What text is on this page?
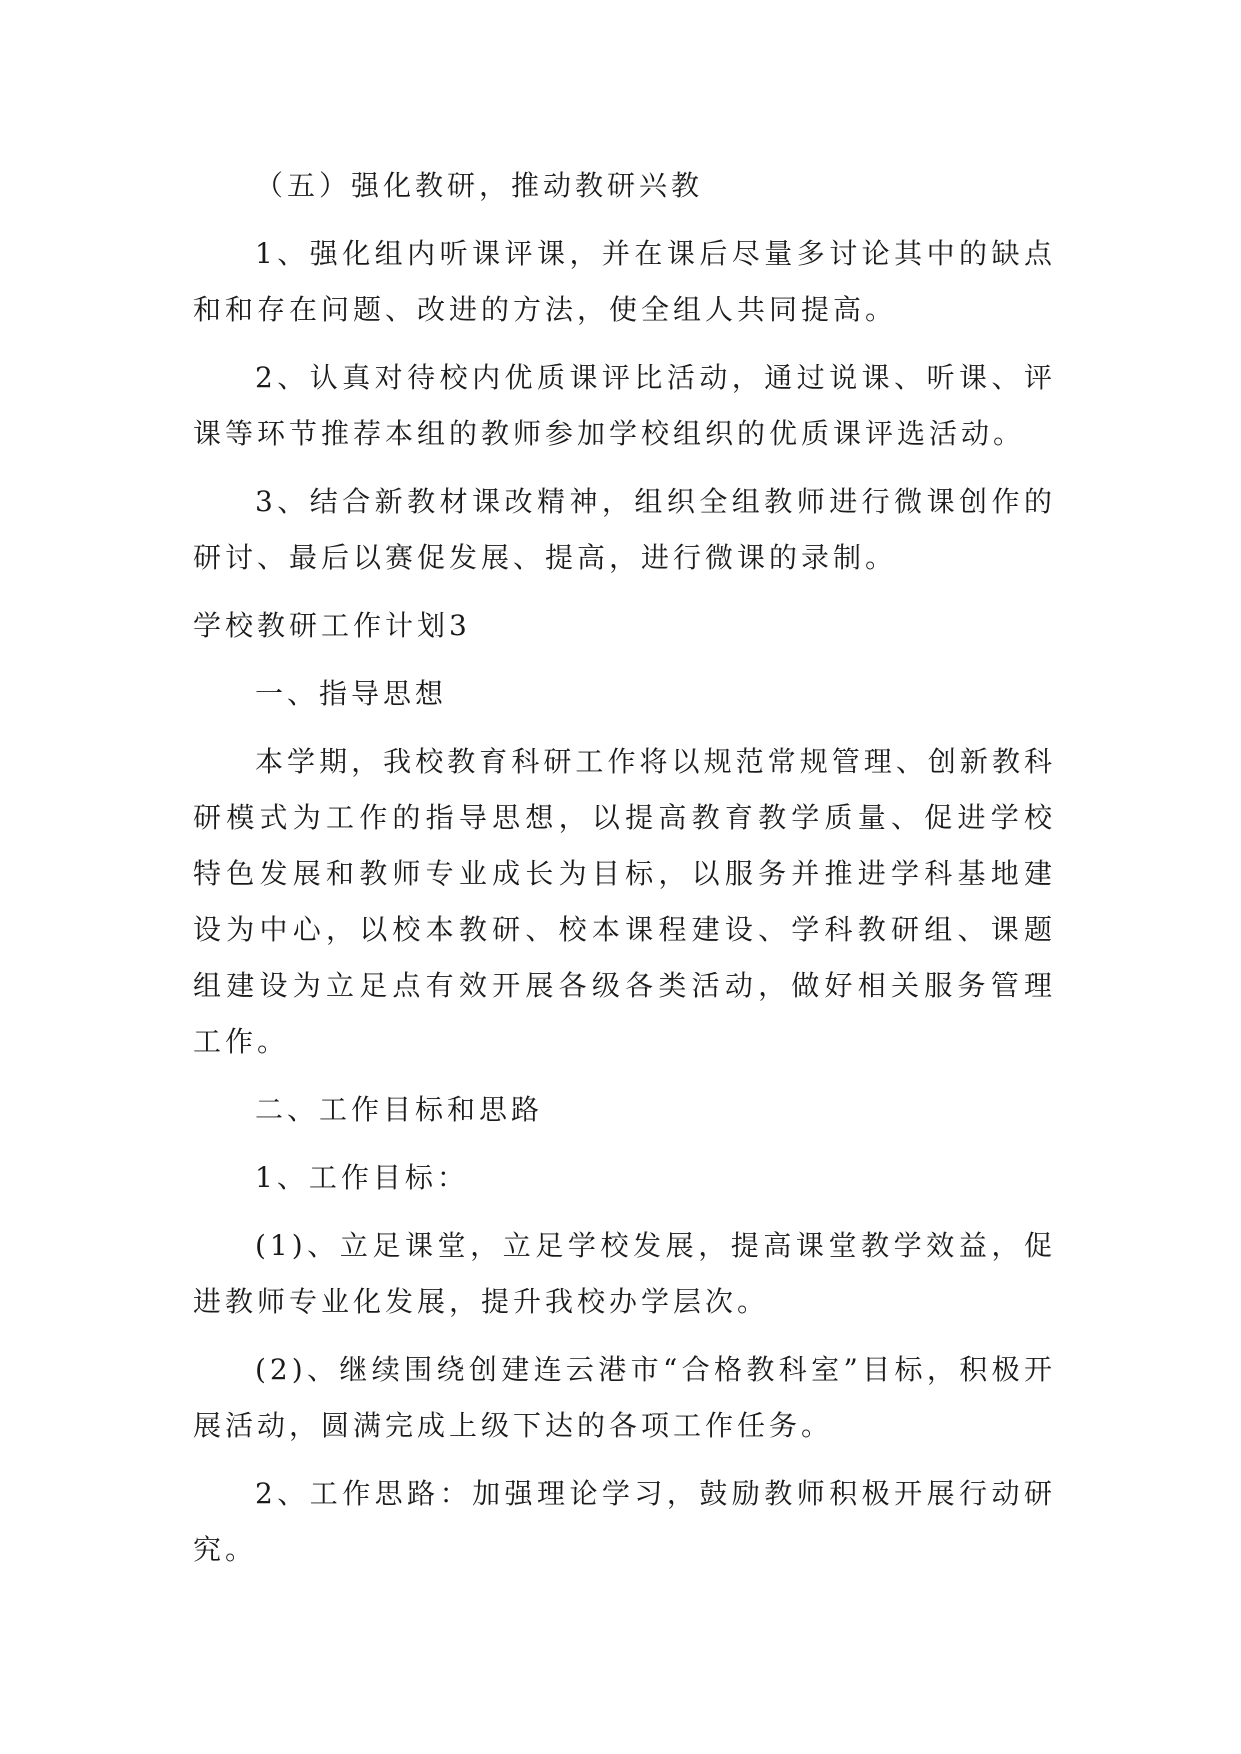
（五）强化教研，推动教研兴教

1、强化组内听课评课，并在课后尽量多讨论其中的缺点和和存在问题、改进的方法，使全组人共同提高。

2、认真对待校内优质课评比活动，通过说课、听课、评课等环节推荐本组的教师参加学校组织的优质课评选活动。

3、结合新教材课改精神，组织全组教师进行微课创作的研讨、最后以赛促发展、提高，进行微课的录制。

学校教研工作计划3

一、指导思想

本学期，我校教育科研工作将以规范常规管理、创新教科研模式为工作的指导思想，以提高教育教学质量、促进学校特色发展和教师专业成长为目标，以服务并推进学科基地建设为中心，以校本教研、校本课程建设、学科教研组、课题组建设为立足点有效开展各级各类活动，做好相关服务管理工作。

二、工作目标和思路

1、工作目标：

(1)、立足课堂，立足学校发展，提高课堂教学效益，促进教师专业化发展，提升我校办学层次。

(2)、继续围绕创建连云港市“合格教科室”目标，积极开展活动，圆满完成上级下达的各项工作任务。

2、工作思路：加强理论学习，鼓励教师积极开展行动研究。
